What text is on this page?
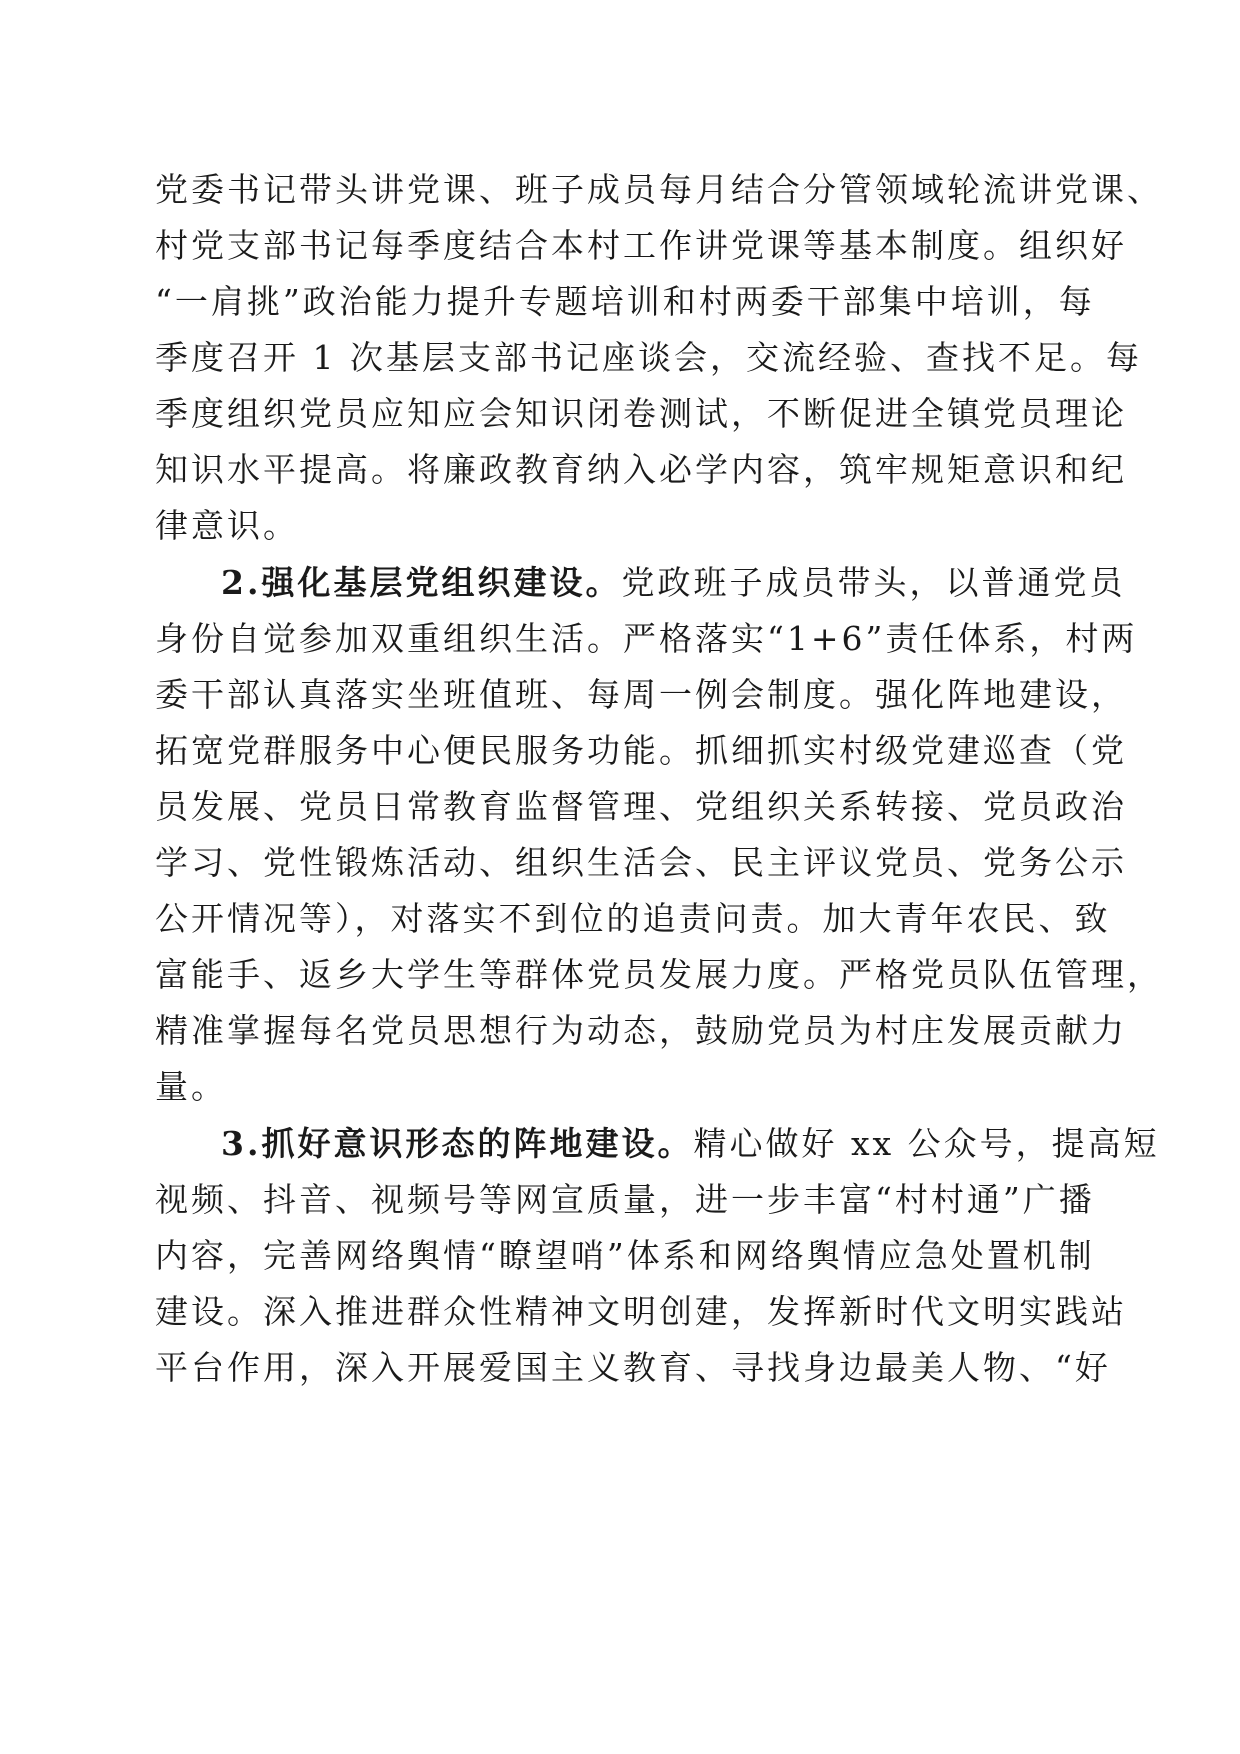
党委书记带头讲党课、班子成员每月结合分管领域轮流讲党课、
村党支部书记每季度结合本村工作讲党课等基本制度。组织好
“一肩挑”政治能力提升专题培训和村两委干部集中培训，每
季度召开 1 次基层支部书记座谈会，交流经验、查找不足。每
季度组织党员应知应会知识闭卷测试，不断促进全镇党员理论
知识水平提高。将廉政教育纳入必学内容，筑牢规矩意识和纪
律意识。
2.强化基层党组织建设。党政班子成员带头，以普通党员
身份自觉参加双重组织生活。严格落实“1+6”责任体系，村两
委干部认真落实坐班值班、每周一例会制度。强化阵地建设，
拓宽党群服务中心便民服务功能。抓细抓实村级党建巡查（党
员发展、党员日常教育监督管理、党组织关系转接、党员政治
学习、党性锻炼活动、组织生活会、民主评议党员、党务公示
公开情况等），对落实不到位的追责问责。加大青年农民、致
富能手、返乡大学生等群体党员发展力度。严格党员队伍管理，
精准掌握每名党员思想行为动态，鼓励党员为村庄发展贡献力
量。
3.抓好意识形态的阵地建设。精心做好 xx 公众号，提高短
视频、抖音、视频号等网宣质量，进一步丰富“村村通”广播
内容，完善网络舆情“瞭望哨”体系和网络舆情应急处置机制
建设。深入推进群众性精神文明创建，发挥新时代文明实践站
平台作用，深入开展爱国主义教育、寻找身边最美人物、“好
